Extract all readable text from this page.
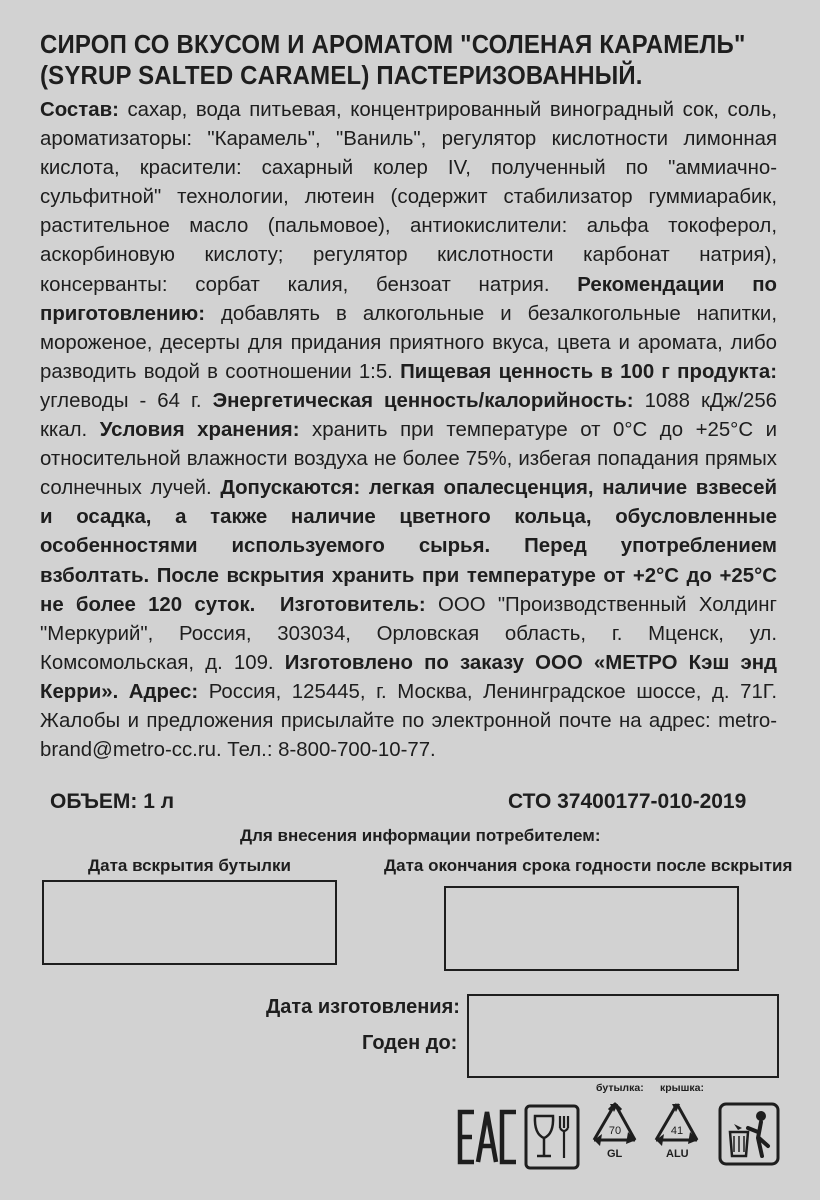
СИРОП СО ВКУСОМ И АРОМАТОМ "СОЛЕНАЯ КАРАМЕЛЬ"
(SYRUP SALTED CARAMEL) ПАСТЕРИЗОВАННЫЙ.
Состав: сахар, вода питьевая, концентрированный виноградный сок, соль, ароматизаторы: "Карамель", "Ваниль", регулятор кислотности лимонная кислота, красители: сахарный колер IV, полученный по "аммиачно-сульфитной" технологии, лютеин (содержит стабилизатор гуммиарабик, растительное масло (пальмовое), антиокислители: альфа токоферол, аскорбиновую кислоту; регулятор кислотности карбонат натрия), консерванты: сорбат калия, бензоат натрия. Рекомендации по приготовлению: добавлять в алкогольные и безалкогольные напитки, мороженое, десерты для придания приятного вкуса, цвета и аромата, либо разводить водой в соотношении 1:5. Пищевая ценность в 100 г продукта: углеводы - 64 г. Энергетическая ценность/калорийность: 1088 кДж/256 ккал. Условия хранения: хранить при температуре от 0°С до +25°С и относительной влажности воздуха не более 75%, избегая попадания прямых солнечных лучей. Допускаются: легкая опалесценция, наличие взвесей и осадка, а также наличие цветного кольца, обусловленные особенностями используемого сырья. Перед употреблением взболтать. После вскрытия хранить при температуре от +2°С до +25°С не более 120 суток. Изготовитель: ООО "Производственный Холдинг "Меркурий", Россия, 303034, Орловская область, г. Мценск, ул. Комсомольская, д. 109. Изготовлено по заказу ООО «МЕТРО Кэш энд Керри». Адрес: Россия, 125445, г. Москва, Ленинградское шоссе, д. 71Г. Жалобы и предложения присылайте по электронной почте на адрес: metro-brand@metro-cc.ru. Тел.: 8-800-700-10-77.
ОБЪЕМ: 1 л	СТО 37400177-010-2019
Для внесения информации потребителем:
Дата вскрытия бутылки	Дата окончания срока годности после вскрытия
Дата изготовления:
Годен до:
бутылка: крышка:
70
GL
41
ALU
